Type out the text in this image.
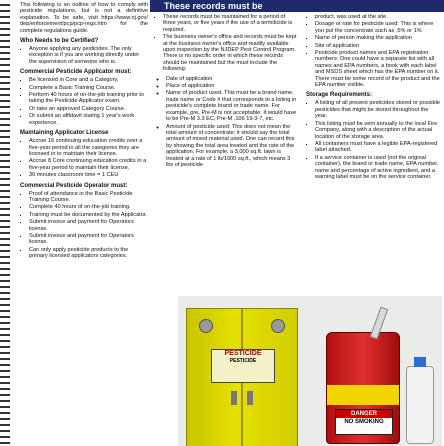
These records must be

This following is an outline of how to comply with pesticide regulations, but is not a definitive explanation. To be safe, visit https://www.nj.gov/ dep/enforcement/pcp/pcp-regs.htm for the complete regulations guide.

Who Needs to be Certified?
▪ Anyone applying any pesticides. The only exception is if you are working directly under the supervision of someone who is.
Commercial Pesticide Applicator must:
▪ Be licensed in Core and a Category.
▪ Complete a Basic Training Course.
▪ Perform 40 hours of on-the-job training prior to taking the Pesticide Applicator exam.
▪ Or take an approved Category Course.
▪ Or submit an affidavit stating 1 year's work experience.
Maintaining Applicator License
▪ Accrue 16 continuing education credits over a five-year period in all the categories they are licensed in to maintain their license.
▪ Accrue 8 Core continuing education credits in a five-year period to maintain their license.
▪ 30 minutes classroom time = 1 CEU
Commercial Pesticide Operator must:
▪ Proof of attendance in the Basic Pesticide Training Course.
▪ Complete 40 hours of on-the-job training.
▪ Training must be documented by the Applicator.
▪ Submit invoice and payment for Operators license.
▪ Submit invoice and payment for Operators license.
▪ Can only apply pesticide products to the primary licensed applicators categories.
▪ These records must be maintained for a period of three years, or five years if the use of a termiticide is required.
▪ The business owner's office and records must be kept at the business owner's office and readily available upon inspection by the NJDEP Pest Control Program. There is no specific order in which these records should be maintained but the must include the following:
◦ Date of application
◦ Place of application
◦ Name of product used. This must be a brand name, trade name or Code # that corresponds to a listing in pesticide's complete brand or trade name. For example, pre, Pre-M is not acceptable. It would have to be Pre-M 3.3 EC, Pre-M .106 19-3-7, etc.
◦ Amount of pesticide used: This does not mean the total amount of concentrate; it should say the total amount of mixed material used. One can record this by showing the total area treated and the rate of the application. For example, a 3,000 sq.ft. lawn is treated at a rate of 1 lb/1000 sq.ft., which means 3 lbs of pesticide
▪ product, was used at the site.
▪ Dosage or rate for pesticide used: This is where you put the concentrate such as .5% or 1%
▪ Name of person making the application
▪ Site of application
▪ Pesticide product names and EPA registration numbers: One could have a separate list with all names and EPA numbers, a book with each label and MSDS sheet which has the EPA number on it. There must be some record of the product and the EPA number visible.
Storage Requirements:
▪ A listing of all present pesticides stored or possible pesticides that might be stored throughout the year.
▪ This listing must be sent annually to the local Fire Company, along with a description of the actual location of the storage area.
▪ All containers must have a legible EPA-registered label attached.
▪ If a service container is used (not the original container), the brand or trade name, EPA number, name and percentage of active ingredient, and a warning label must be on the service container.
PESTICIDE
PESTICIDE
DANGER
NO SMOKING
